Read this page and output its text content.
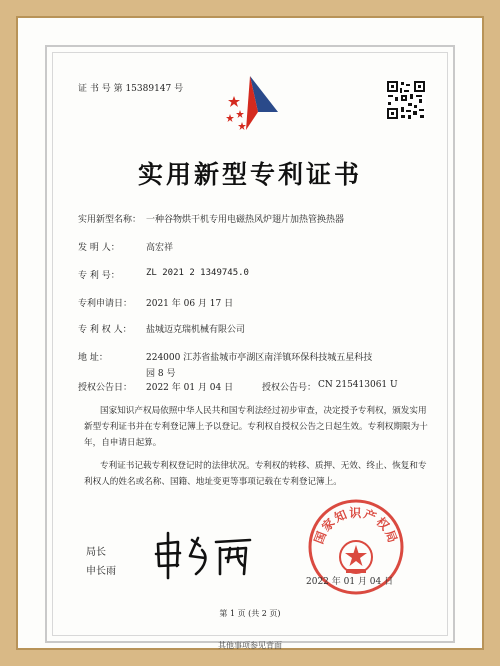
证 书 号 第 15389147 号
实用新型专利证书
实用新型名称： 一种谷物烘干机专用电磁热风炉翅片加热管换热器
发 明 人：	高宏祥
专 利 号：	ZL 2021 2 1349745.0
专利申请日： 2021 年 06 月 17 日
专 利 权 人： 盐城迈克瑞机械有限公司
地 址：	224000 江苏省盐城市亭湖区南洋镇环保科技城五星科技
园 8 号
授权公告日： 2022 年 01 月 04 日	授权公告号： CN 215413061 U
国家知识产权局依照中华人民共和国专利法经过初步审查，决定授予专利权，颁发实用
新型专利证书并在专利登记簿上予以登记。专利权自授权公告之日起生效。专利权期限为十
年，自申请日起算。
专利证书记载专利权登记时的法律状况。专利权的转移、质押、无效、终止、恢复和专
利权人的姓名或名称、国籍、地址变更等事项记载在专利登记簿上。
局长
申长雨
国家知识产权局
2022 年 01 月 04 日
第 1 页 (共 2 页)
其他事项参见背面
